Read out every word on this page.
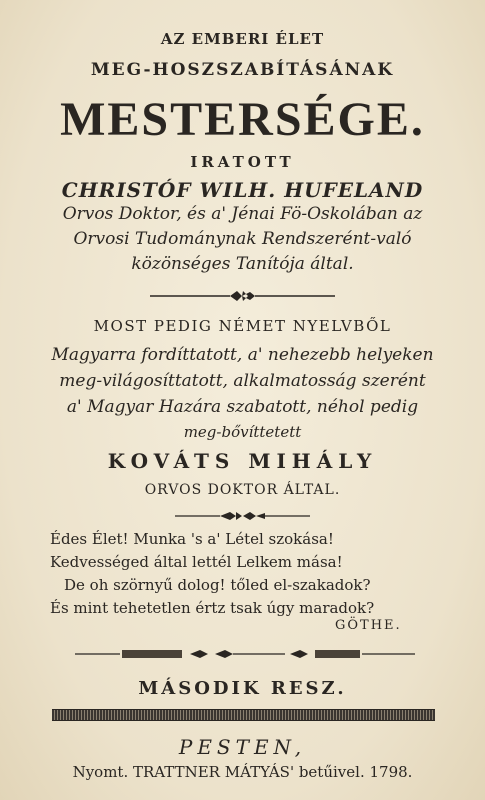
AZ EMBERI ÉLET
MEG-HOSZSZABÍTÁSÁNAK
MESTERSÉGE.
IRATOTT
CHRISTÓF WILH. HUFELAND
Orvos Doktor, és a' Jénai Fö-Oskolában az
Orvosi Tudománynak Rendszerént-való
közönséges Tanítója által.
MOST PEDIG NÉMET NYELVBŐL
Magyarra fordíttatott, a' nehezebb helyeken
meg-világosíttatott, alkalmatosság szerént
a' Magyar Hazára szabatott, néhol pedig
meg-bővíttetett
KOVÁTS MIHÁLY
ORVOS DOKTOR ÁLTAL.
Édes Élet! Munka 's a' Létel szokása!
Kedvességed által lettél Lelkem mása!
De oh szörnyű dolog! tőled el-szakadok?
És mint tehetetlen értz tsak úgy maradok?
GÖTHE.
MÁSODIK RESZ.
PESTEN,
Nyomt. TRATTNER MÁTYÁS' betűivel. 1798.
